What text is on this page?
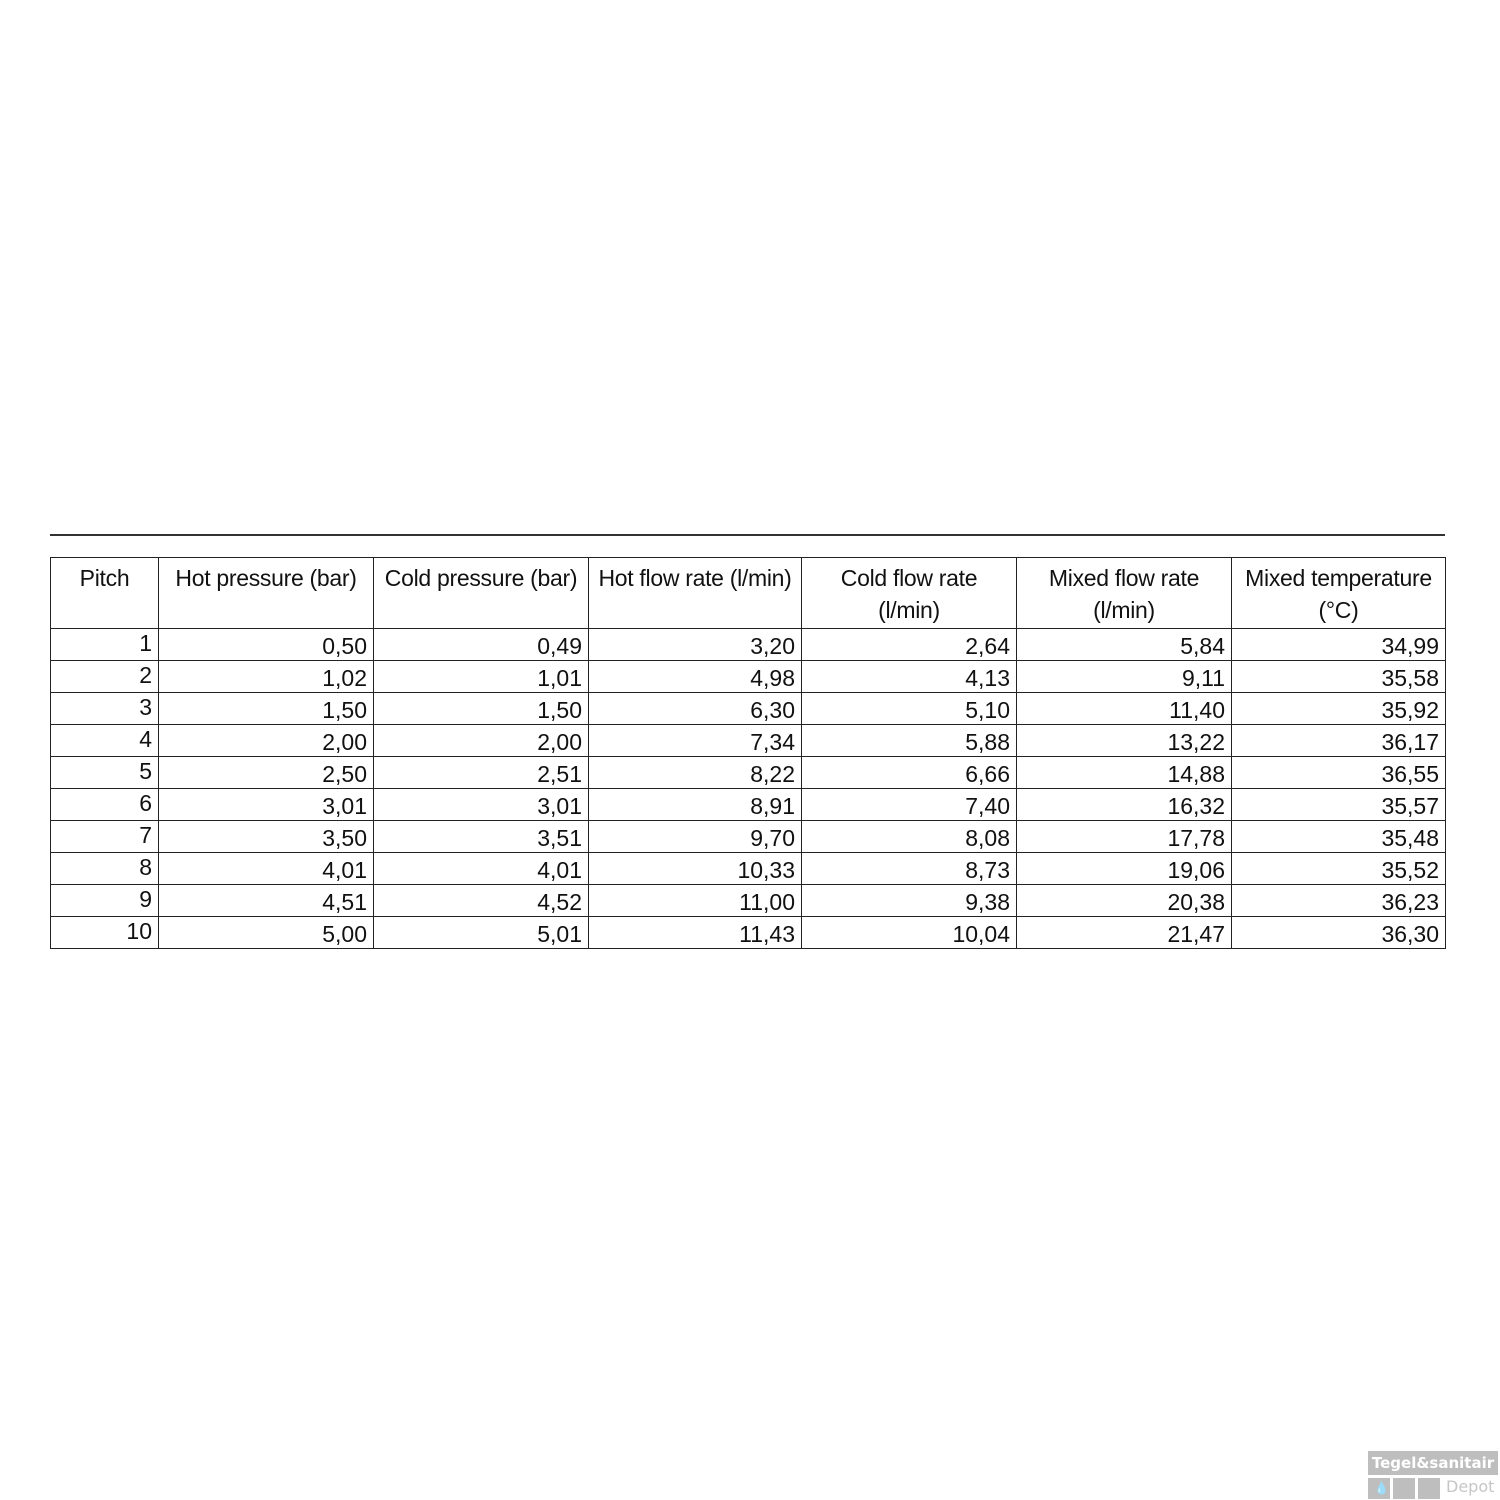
Pitch	Hot pressure (bar)	Cold pressure (bar)	Hot flow rate (l/min)	Cold flow rate (l/min)	Mixed flow rate (l/min)	Mixed temperature (°C)
1	0,50	0,49	3,20	2,64	5,84	34,99
2	1,02	1,01	4,98	4,13	9,11	35,58
3	1,50	1,50	6,30	5,10	11,40	35,92
4	2,00	2,00	7,34	5,88	13,22	36,17
5	2,50	2,51	8,22	6,66	14,88	36,55
6	3,01	3,01	8,91	7,40	16,32	35,57
7	3,50	3,51	9,70	8,08	17,78	35,48
8	4,01	4,01	10,33	8,73	19,06	35,52
9	4,51	4,52	11,00	9,38	20,38	36,23
10	5,00	5,01	11,43	10,04	21,47	36,30
Tegel&sanitair
💧	Depot
